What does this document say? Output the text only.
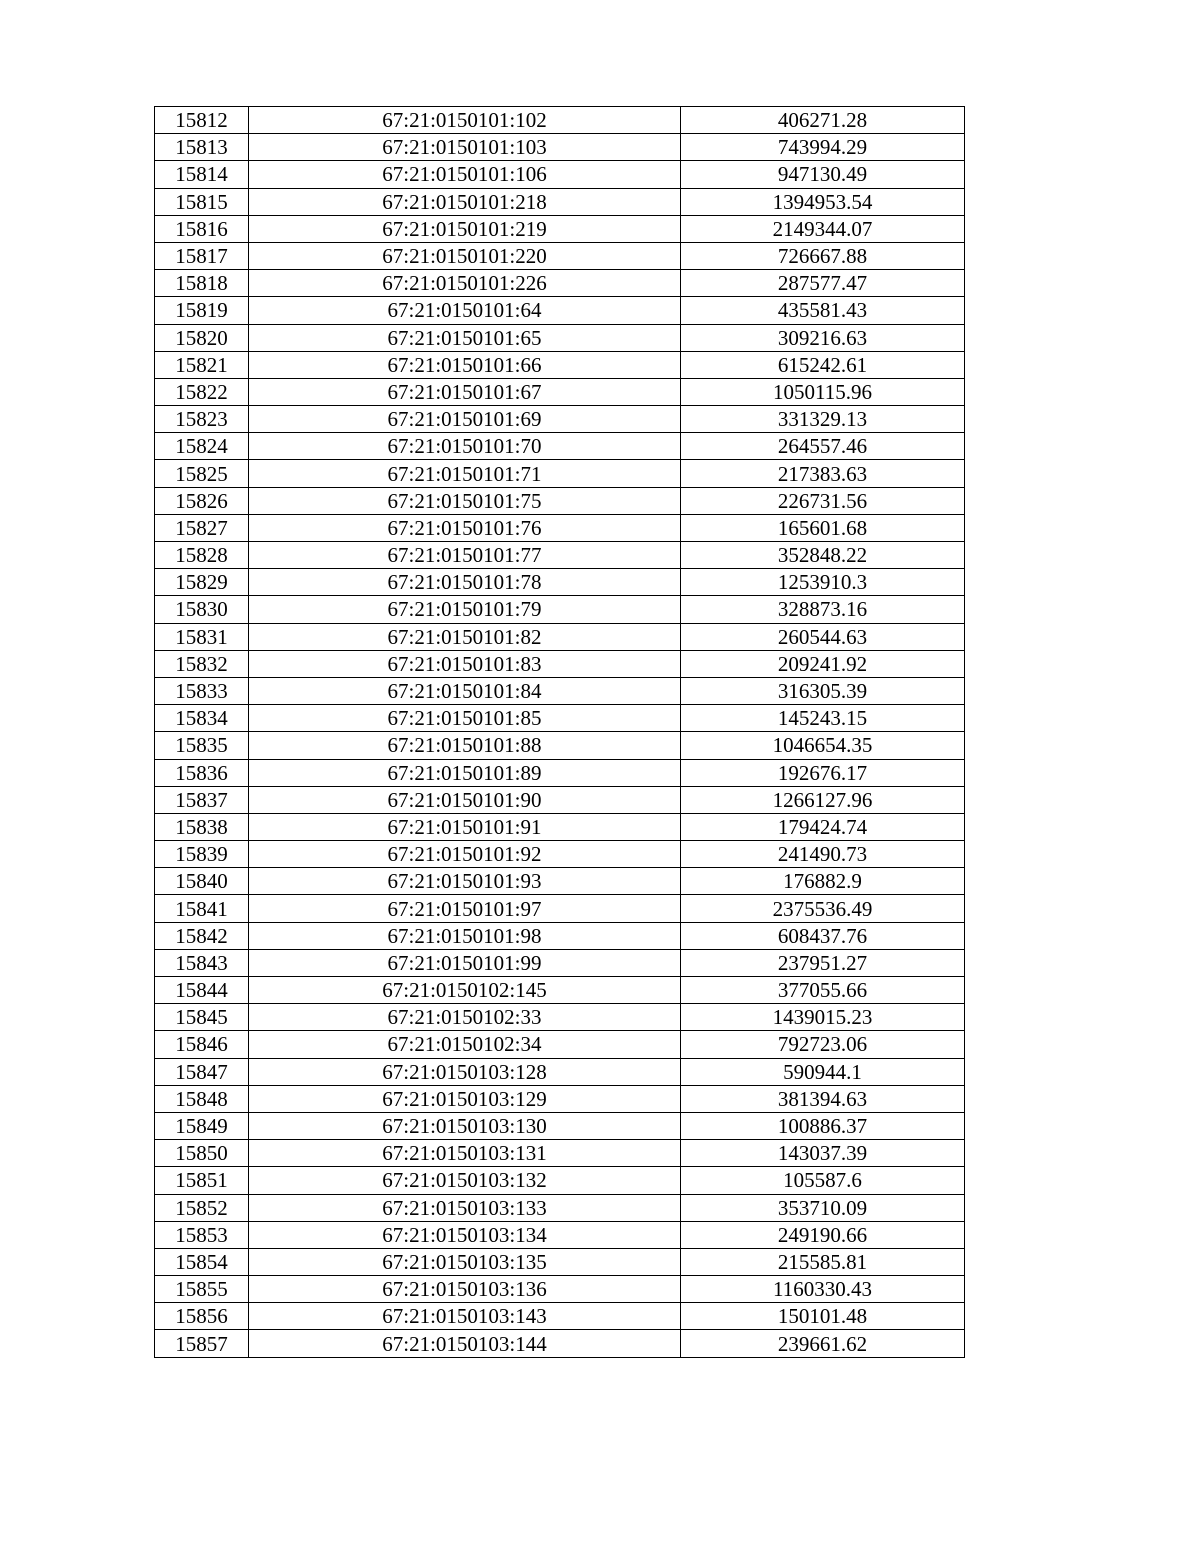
15812	67:21:0150101:102	406271.28
15813	67:21:0150101:103	743994.29
15814	67:21:0150101:106	947130.49
15815	67:21:0150101:218	1394953.54
15816	67:21:0150101:219	2149344.07
15817	67:21:0150101:220	726667.88
15818	67:21:0150101:226	287577.47
15819	67:21:0150101:64	435581.43
15820	67:21:0150101:65	309216.63
15821	67:21:0150101:66	615242.61
15822	67:21:0150101:67	1050115.96
15823	67:21:0150101:69	331329.13
15824	67:21:0150101:70	264557.46
15825	67:21:0150101:71	217383.63
15826	67:21:0150101:75	226731.56
15827	67:21:0150101:76	165601.68
15828	67:21:0150101:77	352848.22
15829	67:21:0150101:78	1253910.3
15830	67:21:0150101:79	328873.16
15831	67:21:0150101:82	260544.63
15832	67:21:0150101:83	209241.92
15833	67:21:0150101:84	316305.39
15834	67:21:0150101:85	145243.15
15835	67:21:0150101:88	1046654.35
15836	67:21:0150101:89	192676.17
15837	67:21:0150101:90	1266127.96
15838	67:21:0150101:91	179424.74
15839	67:21:0150101:92	241490.73
15840	67:21:0150101:93	176882.9
15841	67:21:0150101:97	2375536.49
15842	67:21:0150101:98	608437.76
15843	67:21:0150101:99	237951.27
15844	67:21:0150102:145	377055.66
15845	67:21:0150102:33	1439015.23
15846	67:21:0150102:34	792723.06
15847	67:21:0150103:128	590944.1
15848	67:21:0150103:129	381394.63
15849	67:21:0150103:130	100886.37
15850	67:21:0150103:131	143037.39
15851	67:21:0150103:132	105587.6
15852	67:21:0150103:133	353710.09
15853	67:21:0150103:134	249190.66
15854	67:21:0150103:135	215585.81
15855	67:21:0150103:136	1160330.43
15856	67:21:0150103:143	150101.48
15857	67:21:0150103:144	239661.62
